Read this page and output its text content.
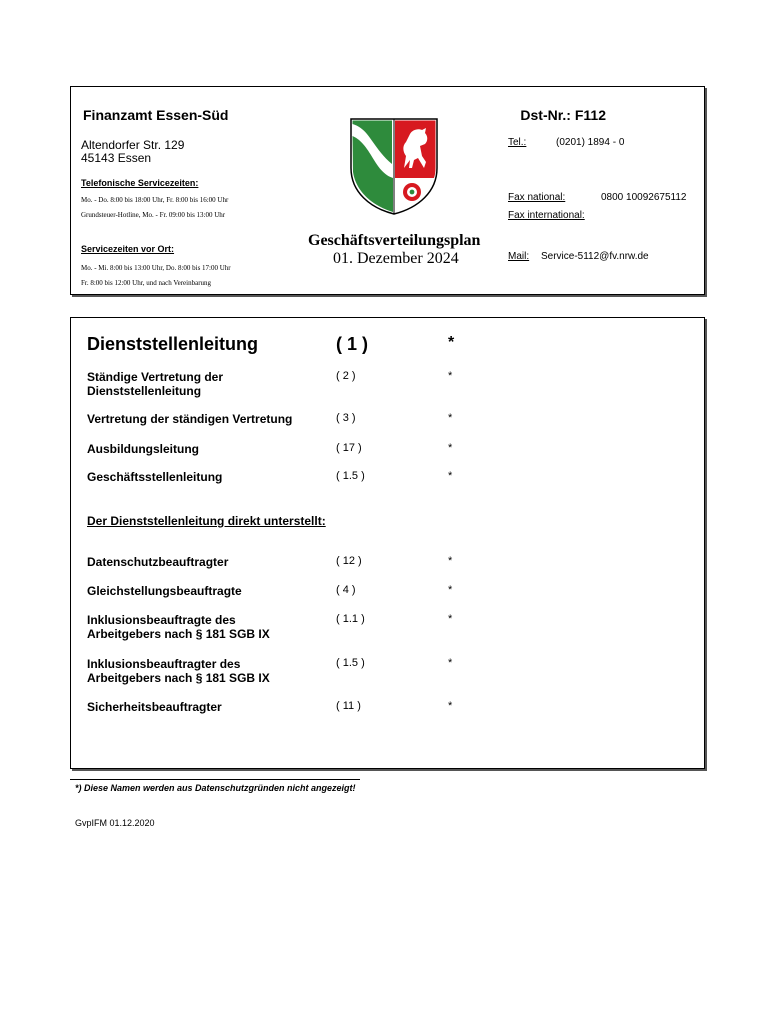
Finanzamt Essen-Süd	Dst-Nr.: F112
Altendorfer Str. 129
45143 Essen
Tel.:	(0201) 1894 - 0
Telefonische Servicezeiten:
Mo. - Do. 8:00 bis 18:00 Uhr, Fr. 8:00 bis 16:00 Uhr
Grundsteuer-Hotline, Mo. - Fr. 09:00 bis 13:00 Uhr
Fax national:	0800 10092675112
Fax international:
Servicezeiten vor Ort:
Mo. - Mi. 8:00 bis 13:00 Uhr, Do. 8:00 bis 17:00 Uhr
Fr. 8:00 bis 12:00 Uhr, und nach Vereinbarung
Mail: Service-5112@fv.nrw.de
Geschäftsverteilungsplan
01. Dezember 2024
Dienststellenleitung	( 1 )	*
Ständige Vertretung der
Dienststellenleitung
( 2 )	*
Vertretung der ständigen Vertretung	( 3 )	*
Ausbildungsleitung	( 17 )	*
Geschäftsstellenleitung	( 1.5 )	*
Der Dienststellenleitung direkt unterstellt:
Datenschutzbeauftragter	( 12 )	*
Gleichstellungsbeauftragte	( 4 )	*
Inklusionsbeauftragte des
Arbeitgebers nach § 181 SGB IX
( 1.1 )	*
Inklusionsbeauftragter des
Arbeitgebers nach § 181 SGB IX
( 1.5 )	*
Sicherheitsbeauftragter	( 11 )	*
*) Diese Namen werden aus Datenschutzgründen nicht angezeigt!
GvpIFM 01.12.2020
